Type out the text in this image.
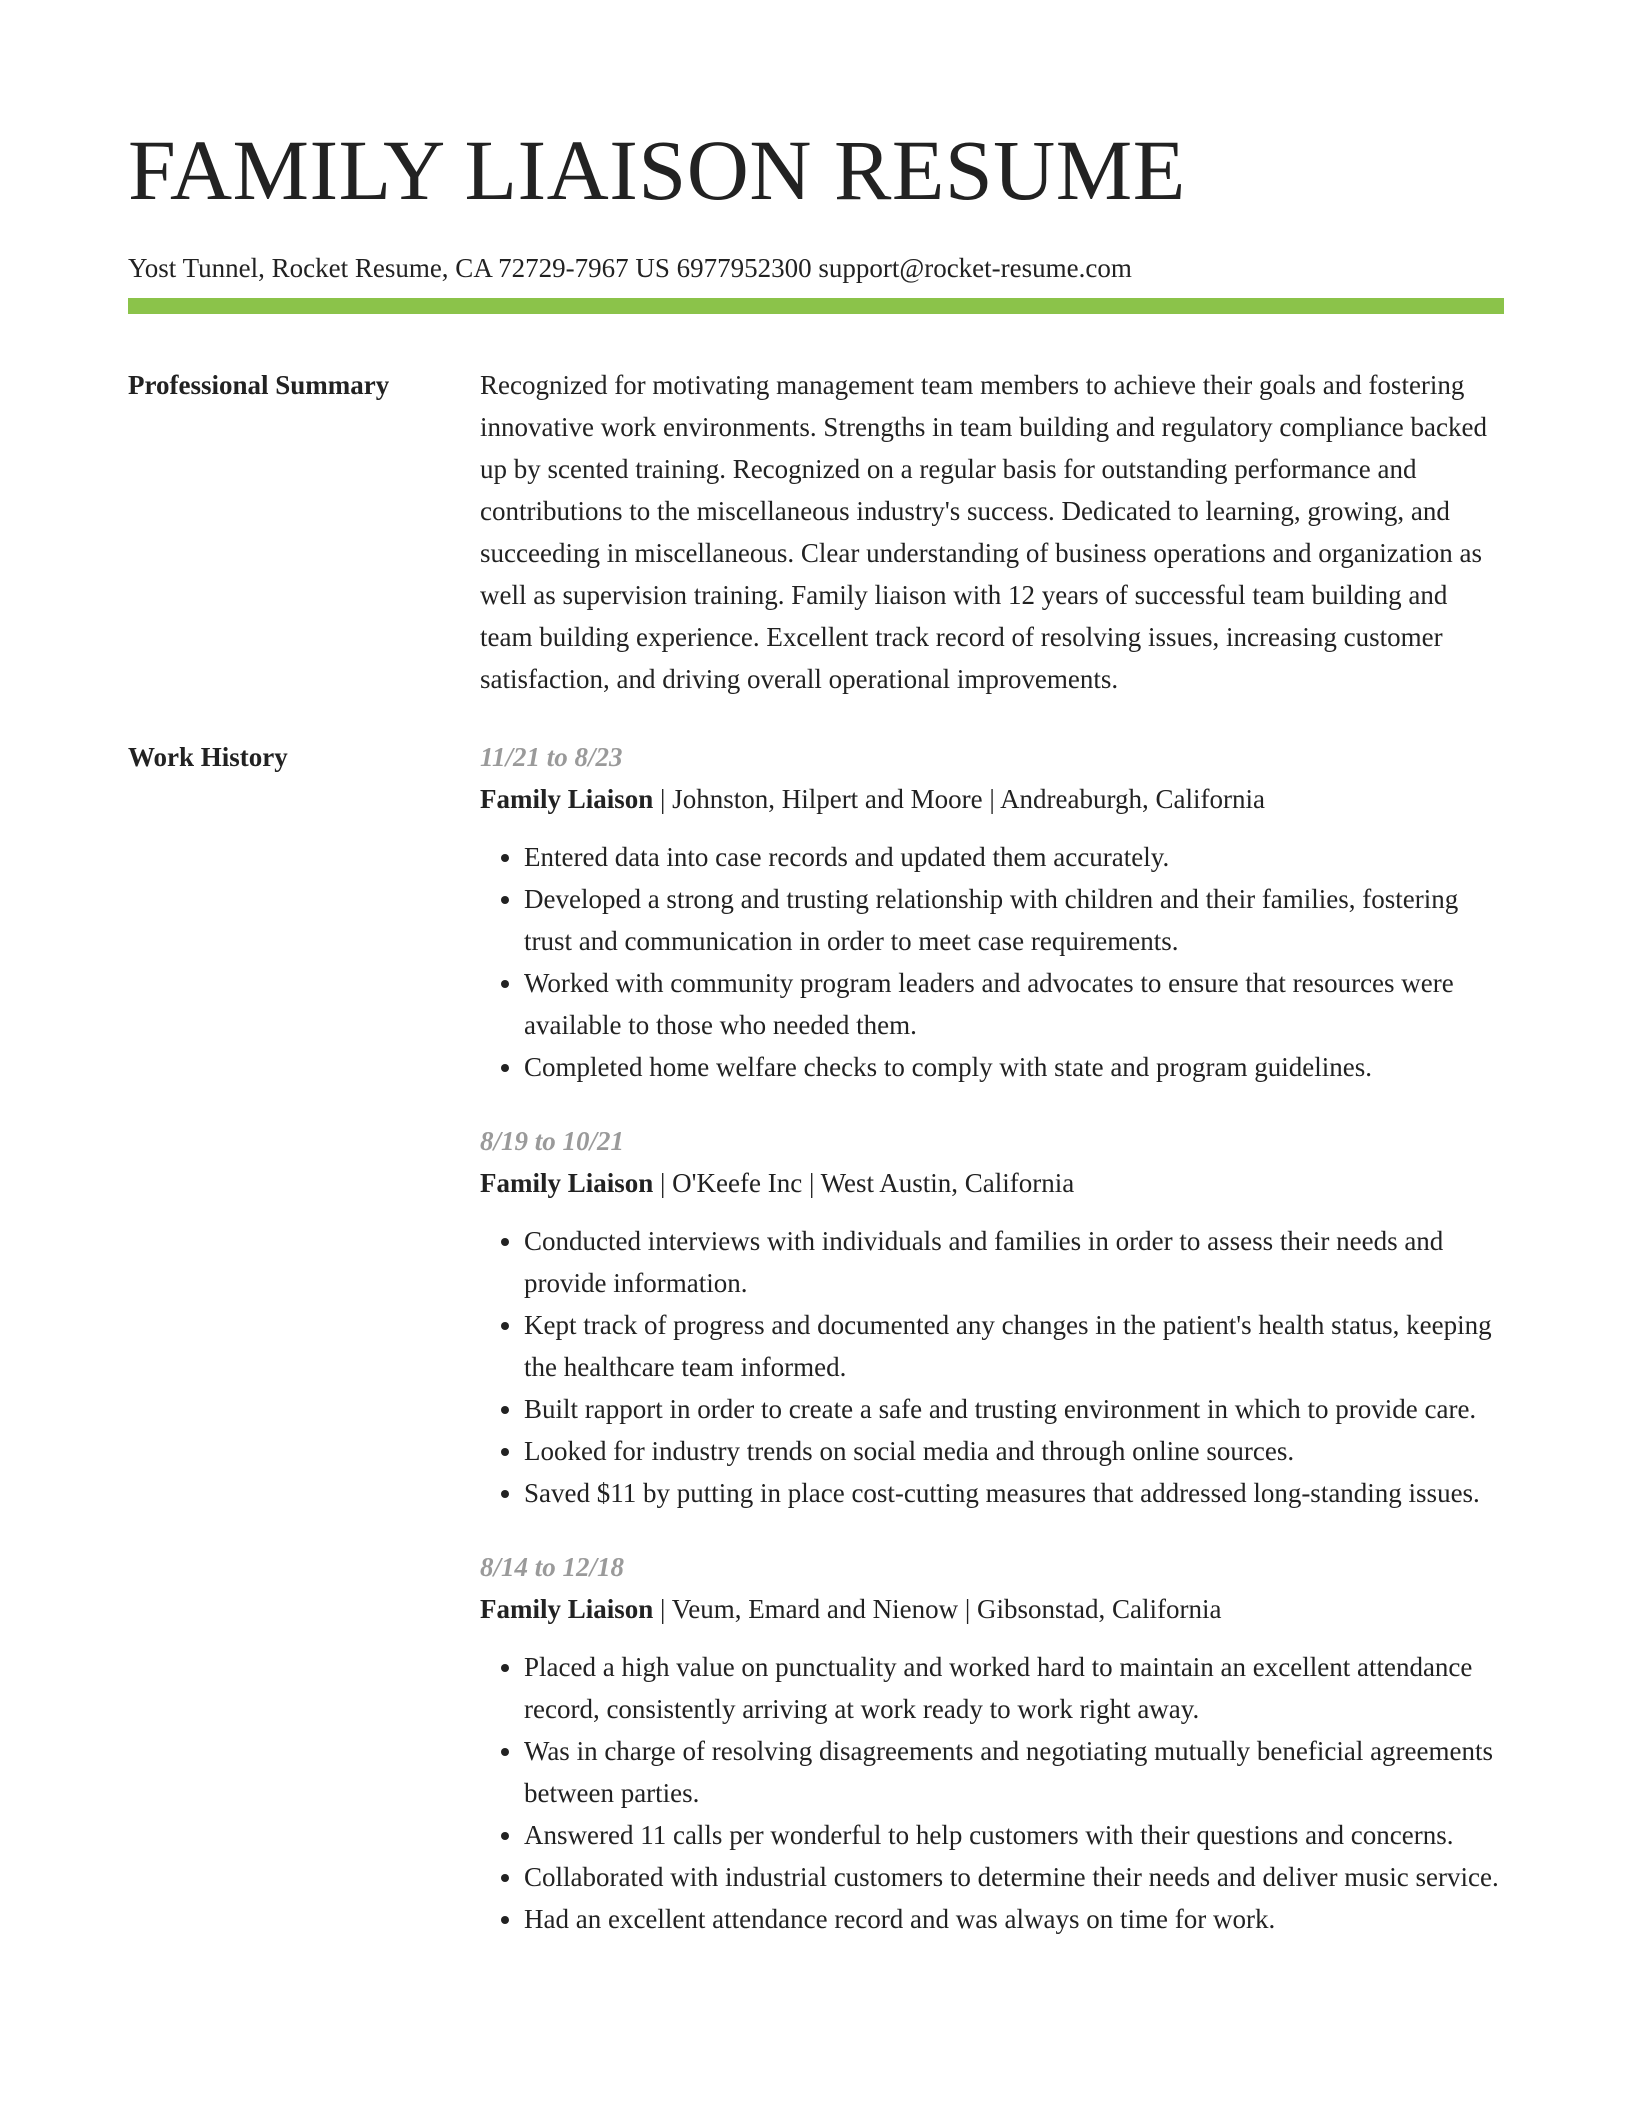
FAMILY LIAISON RESUME
Yost Tunnel, Rocket Resume, CA 72729-7967 US 6977952300 support@rocket-resume.com
Professional Summary	Recognized for motivating management team members to achieve their goals and fostering innovative work environments. Strengths in team building and regulatory compliance backed up by scented training. Recognized on a regular basis for outstanding performance and contributions to the miscellaneous industry's success. Dedicated to learning, growing, and succeeding in miscellaneous. Clear understanding of business operations and organization as well as supervision training. Family liaison with 12 years of successful team building and team building experience. Excellent track record of resolving issues, increasing customer satisfaction, and driving overall operational improvements.

Work History	11/21 to 8/23
Family Liaison | Johnston, Hilpert and Moore | Andreaburgh, California
• Entered data into case records and updated them accurately.
• Developed a strong and trusting relationship with children and their families, fostering trust and communication in order to meet case requirements.
• Worked with community program leaders and advocates to ensure that resources were available to those who needed them.
• Completed home welfare checks to comply with state and program guidelines.
8/19 to 10/21
Family Liaison | O'Keefe Inc | West Austin, California
• Conducted interviews with individuals and families in order to assess their needs and provide information.
• Kept track of progress and documented any changes in the patient's health status, keeping the healthcare team informed.
• Built rapport in order to create a safe and trusting environment in which to provide care.
• Looked for industry trends on social media and through online sources.
• Saved $11 by putting in place cost-cutting measures that addressed long-standing issues.
8/14 to 12/18
Family Liaison | Veum, Emard and Nienow | Gibsonstad, California
• Placed a high value on punctuality and worked hard to maintain an excellent attendance record, consistently arriving at work ready to work right away.
• Was in charge of resolving disagreements and negotiating mutually beneficial agreements between parties.
• Answered 11 calls per wonderful to help customers with their questions and concerns.
• Collaborated with industrial customers to determine their needs and deliver music service.
• Had an excellent attendance record and was always on time for work.
